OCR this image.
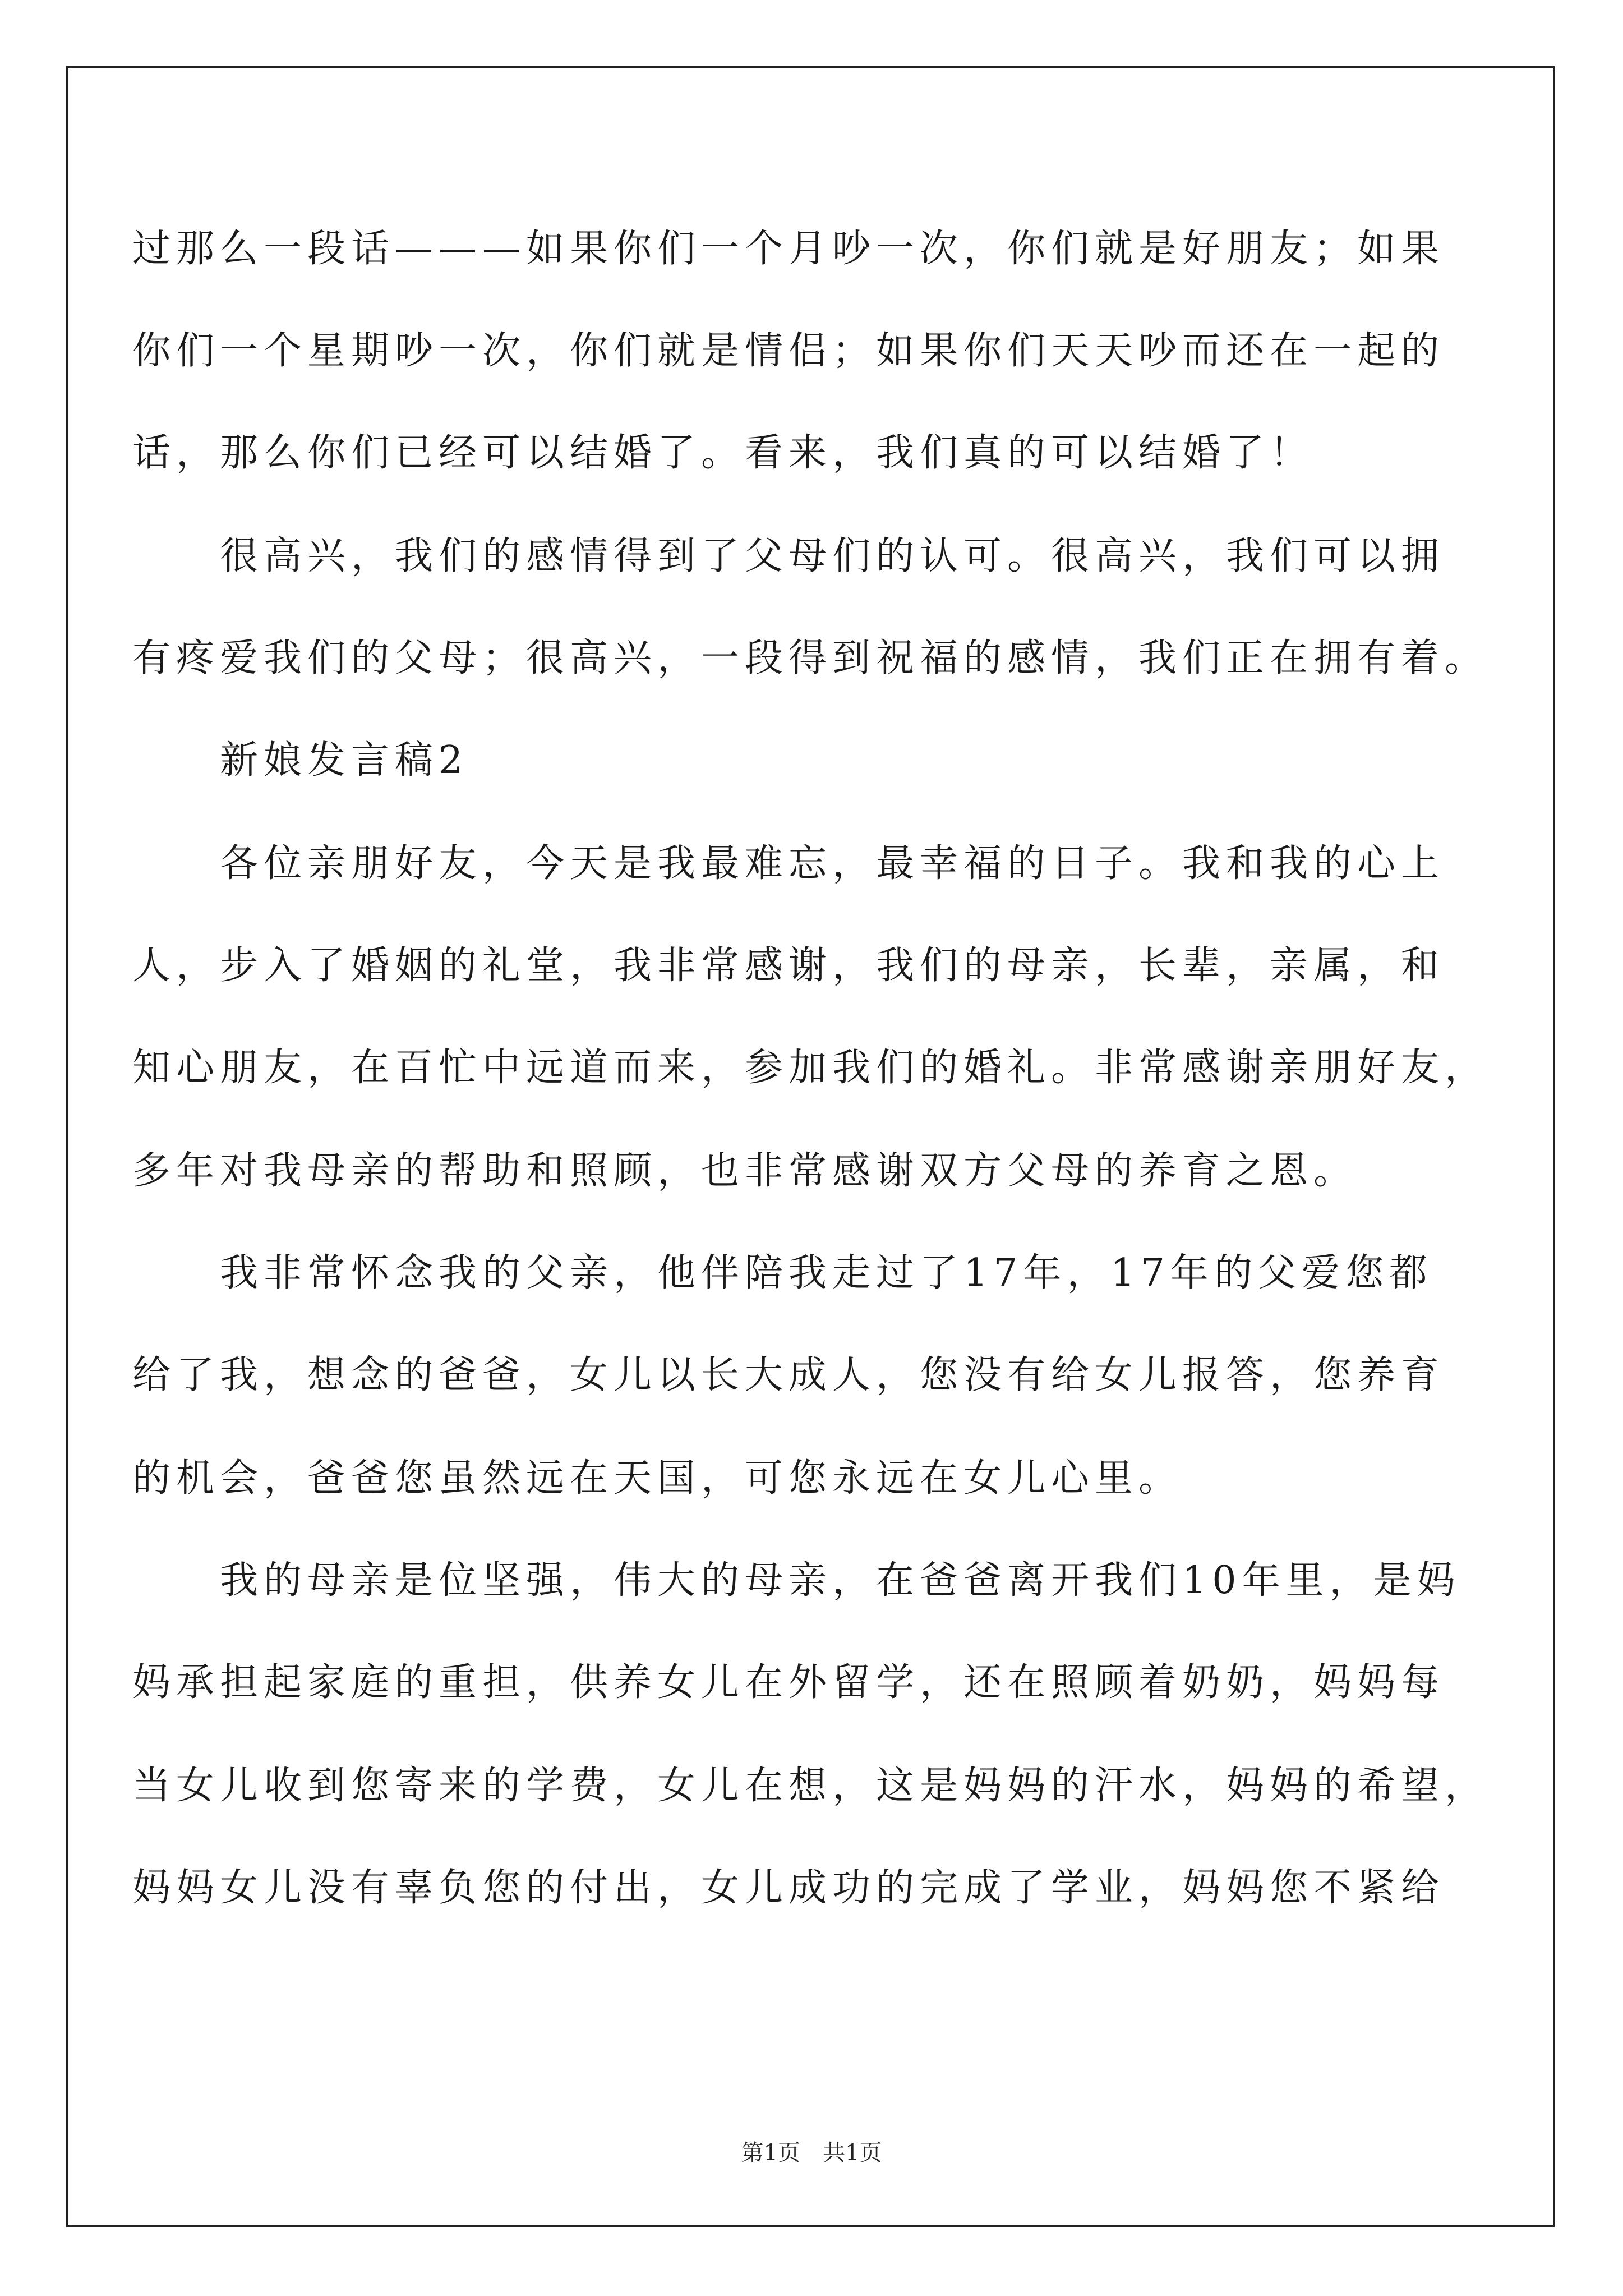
过那么一段话———如果你们一个月吵一次，你们就是好朋友；如果
你们一个星期吵一次，你们就是情侣；如果你们天天吵而还在一起的
话，那么你们已经可以结婚了。看来，我们真的可以结婚了！
　　很高兴，我们的感情得到了父母们的认可。很高兴，我们可以拥
有疼爱我们的父母；很高兴，一段得到祝福的感情，我们正在拥有着。
　　新娘发言稿2
　　各位亲朋好友，今天是我最难忘，最幸福的日子。我和我的心上
人，步入了婚姻的礼堂，我非常感谢，我们的母亲，长辈，亲属，和
知心朋友，在百忙中远道而来，参加我们的婚礼。非常感谢亲朋好友，
多年对我母亲的帮助和照顾，也非常感谢双方父母的养育之恩。
　　我非常怀念我的父亲，他伴陪我走过了17年，17年的父爱您都
给了我，想念的爸爸，女儿以长大成人，您没有给女儿报答，您养育
的机会，爸爸您虽然远在天国，可您永远在女儿心里。
　　我的母亲是位坚强，伟大的母亲，在爸爸离开我们10年里，是妈
妈承担起家庭的重担，供养女儿在外留学，还在照顾着奶奶，妈妈每
当女儿收到您寄来的学费，女儿在想，这是妈妈的汗水，妈妈的希望，
妈妈女儿没有辜负您的付出，女儿成功的完成了学业，妈妈您不紧给
第1页　共1页
